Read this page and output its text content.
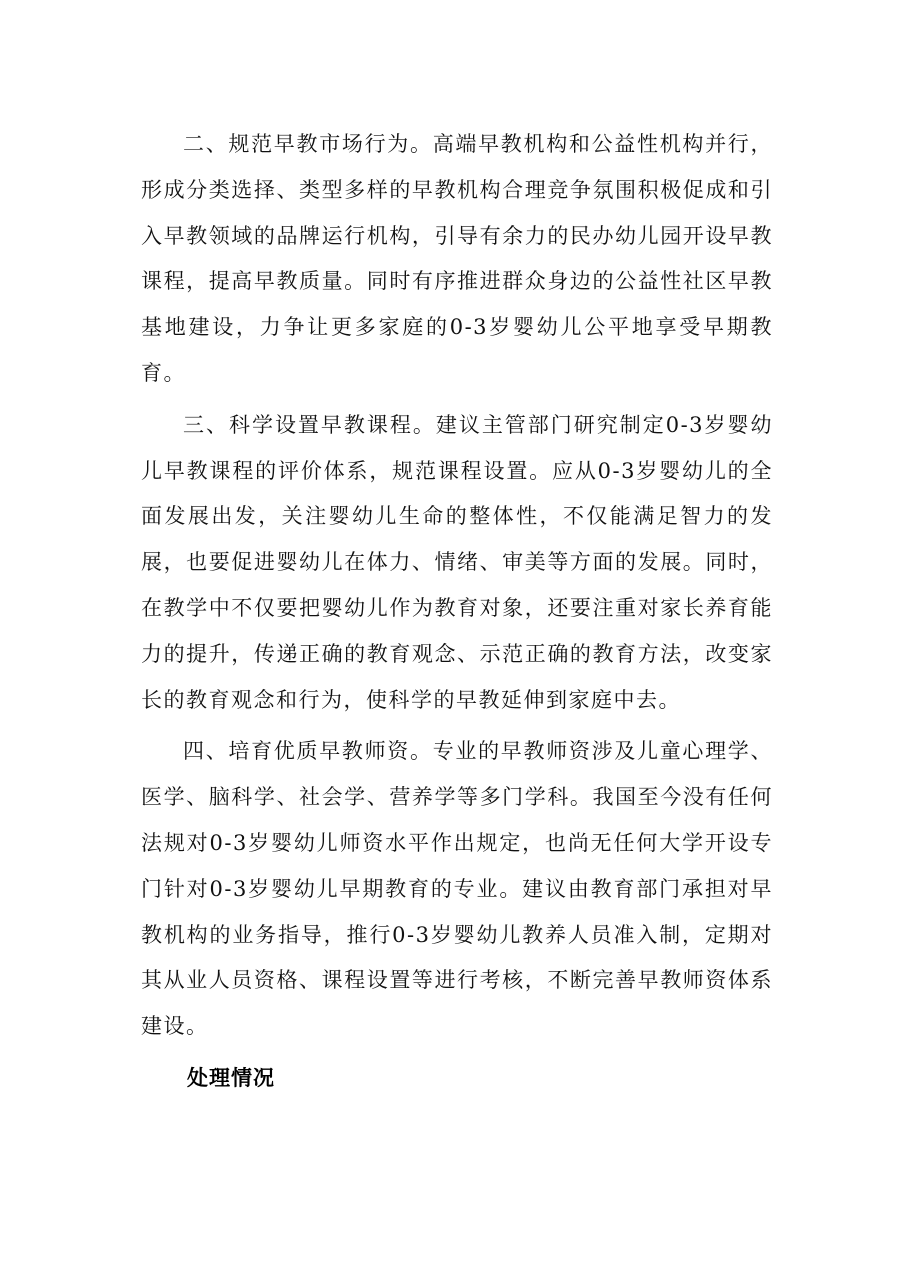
二、规范早教市场行为。高端早教机构和公益性机构并行，形成分类选择、类型多样的早教机构合理竞争氛围积极促成和引入早教领域的品牌运行机构，引导有余力的民办幼儿园开设早教课程，提高早教质量。同时有序推进群众身边的公益性社区早教基地建设，力争让更多家庭的0-3岁婴幼儿公平地享受早期教育。

三、科学设置早教课程。建议主管部门研究制定0-3岁婴幼儿早教课程的评价体系，规范课程设置。应从0-3岁婴幼儿的全面发展出发，关注婴幼儿生命的整体性，不仅能满足智力的发展，也要促进婴幼儿在体力、情绪、审美等方面的发展。同时，在教学中不仅要把婴幼儿作为教育对象，还要注重对家长养育能力的提升，传递正确的教育观念、示范正确的教育方法，改变家长的教育观念和行为，使科学的早教延伸到家庭中去。

四、培育优质早教师资。专业的早教师资涉及儿童心理学、医学、脑科学、社会学、营养学等多门学科。我国至今没有任何法规对0-3岁婴幼儿师资水平作出规定，也尚无任何大学开设专门针对0-3岁婴幼儿早期教育的专业。建议由教育部门承担对早教机构的业务指导，推行0-3岁婴幼儿教养人员准入制，定期对其从业人员资格、课程设置等进行考核，不断完善早教师资体系建设。

处理情况
